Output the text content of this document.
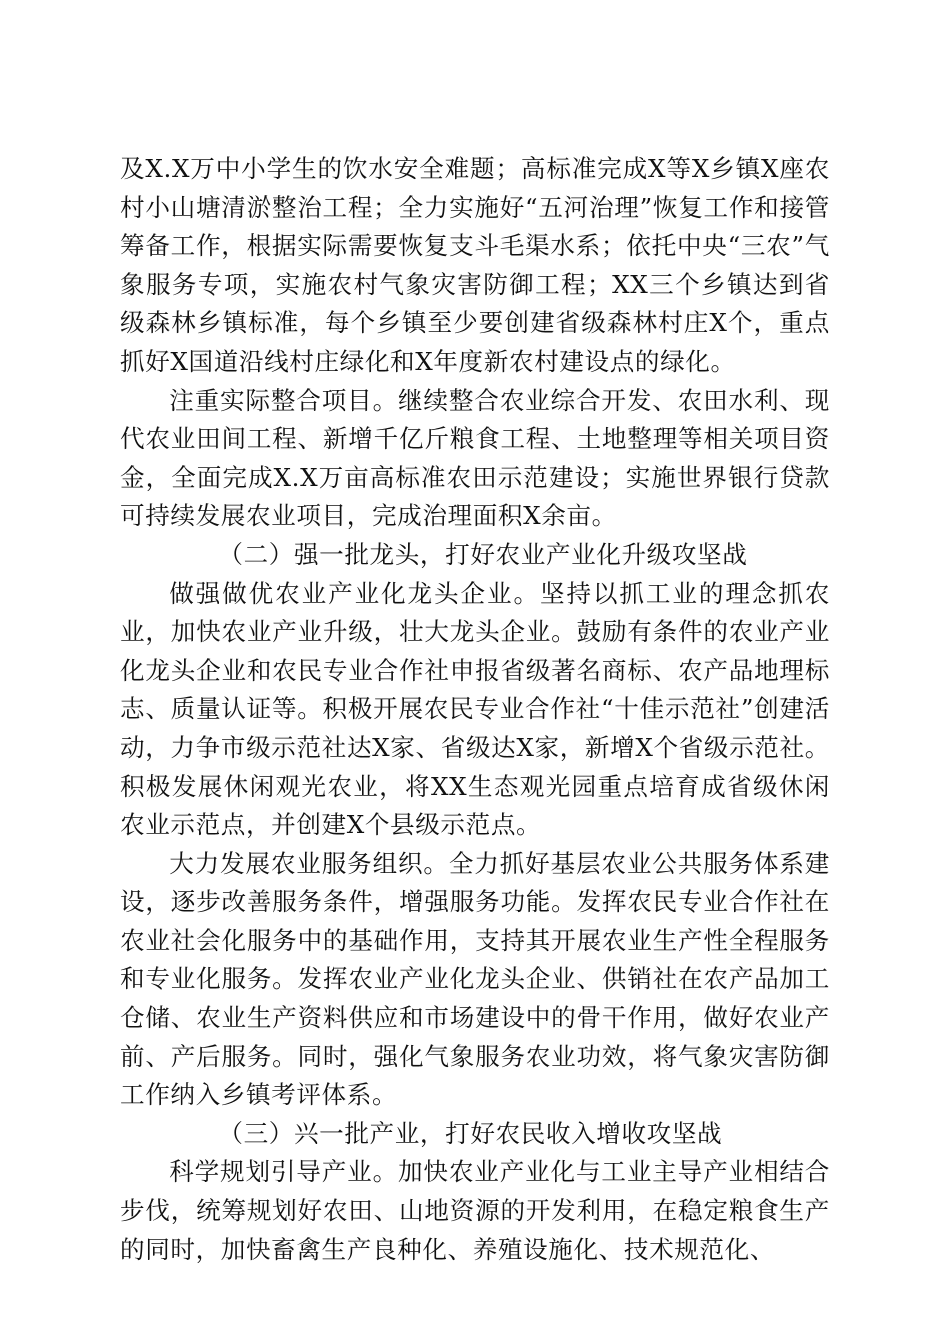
及X.X万中小学生的饮水安全难题；高标准完成X等X乡镇X座农村小山塘清淤整治工程；全力实施好“五河治理”恢复工作和接管筹备工作，根据实际需要恢复支斗毛渠水系；依托中央“三农”气象服务专项，实施农村气象灾害防御工程；XX三个乡镇达到省级森林乡镇标准，每个乡镇至少要创建省级森林村庄X个，重点抓好X国道沿线村庄绿化和X年度新农村建设点的绿化。

注重实际整合项目。继续整合农业综合开发、农田水利、现代农业田间工程、新增千亿斤粮食工程、土地整理等相关项目资金，全面完成X.X万亩高标准农田示范建设；实施世界银行贷款可持续发展农业项目，完成治理面积X余亩。

（二）强一批龙头，打好农业产业化升级攻坚战

做强做优农业产业化龙头企业。坚持以抓工业的理念抓农业，加快农业产业升级，壮大龙头企业。鼓励有条件的农业产业化龙头企业和农民专业合作社申报省级著名商标、农产品地理标志、质量认证等。积极开展农民专业合作社“十佳示范社”创建活动，力争市级示范社达X家、省级达X家，新增X个省级示范社。积极发展休闲观光农业，将XX生态观光园重点培育成省级休闲农业示范点，并创建X个县级示范点。

大力发展农业服务组织。全力抓好基层农业公共服务体系建设，逐步改善服务条件，增强服务功能。发挥农民专业合作社在农业社会化服务中的基础作用，支持其开展农业生产性全程服务和专业化服务。发挥农业产业化龙头企业、供销社在农产品加工仓储、农业生产资料供应和市场建设中的骨干作用，做好农业产前、产后服务。同时，强化气象服务农业功效，将气象灾害防御工作纳入乡镇考评体系。

（三）兴一批产业，打好农民收入增收攻坚战

科学规划引导产业。加快农业产业化与工业主导产业相结合步伐，统筹规划好农田、山地资源的开发利用，在稳定粮食生产的同时，加快畜禽生产良种化、养殖设施化、技术规范化、
